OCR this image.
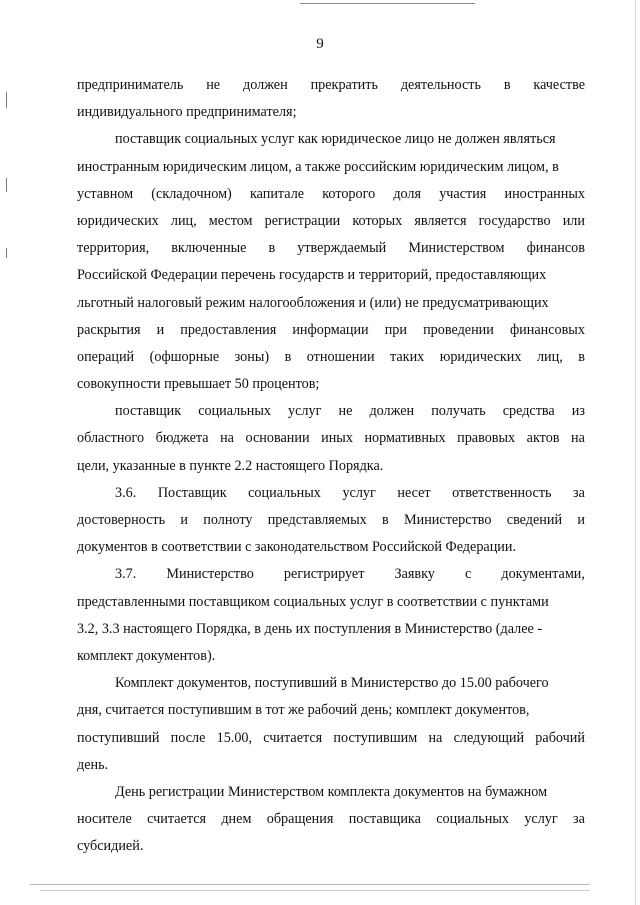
9
предприниматель не должен прекратить деятельность в качестве
индивидуального предпринимателя;
поставщик социальных услуг как юридическое лицо не должен являться
иностранным юридическим лицом, а также российским юридическим лицом, в
уставном (складочном) капитале которого доля участия иностранных
юридических лиц, местом регистрации которых является государство или
территория, включенные в утверждаемый Министерством финансов
Российской Федерации перечень государств и территорий, предоставляющих
льготный налоговый режим налогообложения и (или) не предусматривающих
раскрытия и предоставления информации при проведении финансовых
операций (офшорные зоны) в отношении таких юридических лиц, в
совокупности превышает 50 процентов;
поставщик социальных услуг не должен получать средства из
областного бюджета на основании иных нормативных правовых актов на
цели, указанные в пункте 2.2 настоящего Порядка.
3.6. Поставщик социальных услуг несет ответственность за
достоверность и полноту представляемых в Министерство сведений и
документов в соответствии с законодательством Российской Федерации.
3.7. Министерство регистрирует Заявку с документами,
представленными поставщиком социальных услуг в соответствии с пунктами
3.2, 3.3 настоящего Порядка, в день их поступления в Министерство (далее -
комплект документов).
Комплект документов, поступивший в Министерство до 15.00 рабочего
дня, считается поступившим в тот же рабочий день; комплект документов,
поступивший после 15.00, считается поступившим на следующий рабочий
день.
День регистрации Министерством комплекта документов на бумажном
носителе считается днем обращения поставщика социальных услуг за
субсидией.
